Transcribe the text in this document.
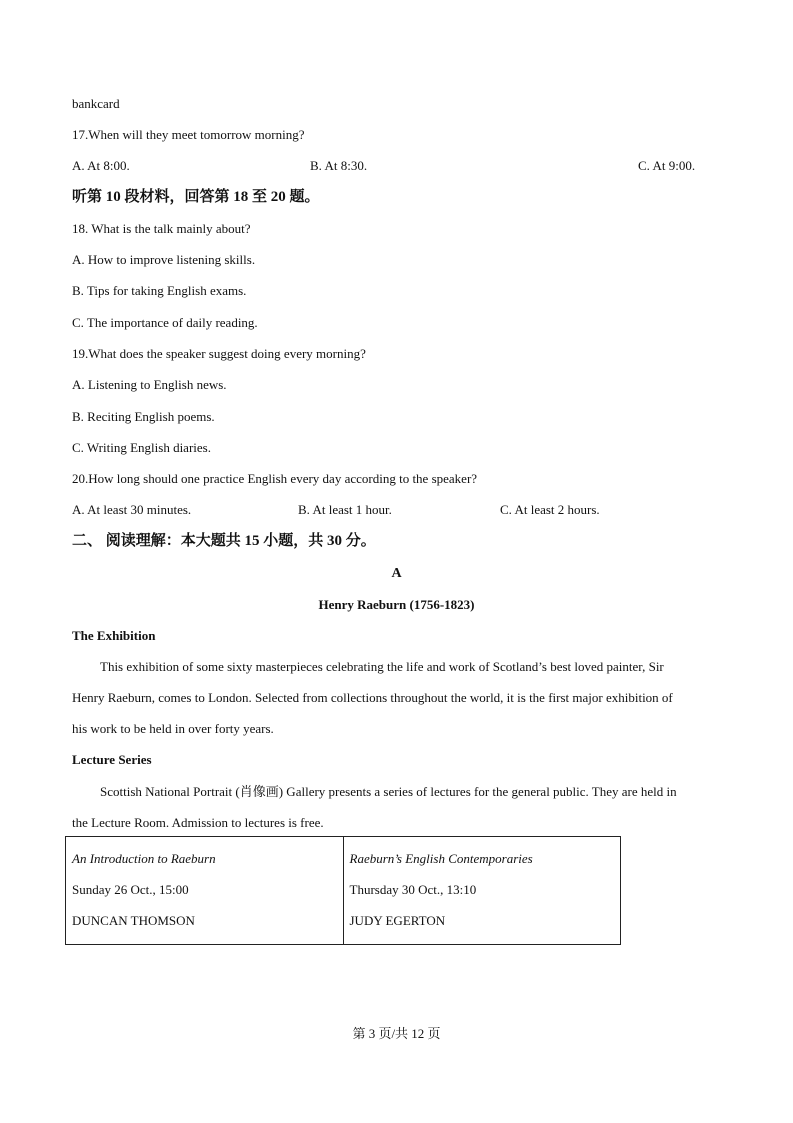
bankcard
17.When will they meet tomorrow morning?
A. At 8:00.	B. At 8:30.	C. At 9:00.
听第 10 段材料，回答第 18 至 20 题。
18. What is the talk mainly about?
A. How to improve listening skills.
B. Tips for taking English exams.
C. The importance of daily reading.
19.What does the speaker suggest doing every morning?
A. Listening to English news.
B. Reciting English poems.
C. Writing English diaries.
20.How long should one practice English every day according to the speaker?
A. At least 30 minutes.	B. At least 1 hour.	C. At least 2 hours.
二、 阅读理解：本大题共 15 小题，共 30 分。
A
Henry Raeburn (1756-1823)
The Exhibition
This exhibition of some sixty masterpieces celebrating the life and work of Scotland’s best loved painter, Sir
Henry Raeburn, comes to London. Selected from collections throughout the world, it is the first major exhibition of
his work to be held in over forty years.
Lecture Series
Scottish National Portrait (肖像画) Gallery presents a series of lectures for the general public. They are held in
the Lecture Room. Admission to lectures is free.
An Introduction to Raeburn
Sunday 26 Oct., 15:00
DUNCAN THOMSON

Raeburn’s English Contemporaries
Thursday 30 Oct., 13:10
JUDY EGERTON
第 3 页/共 12 页
